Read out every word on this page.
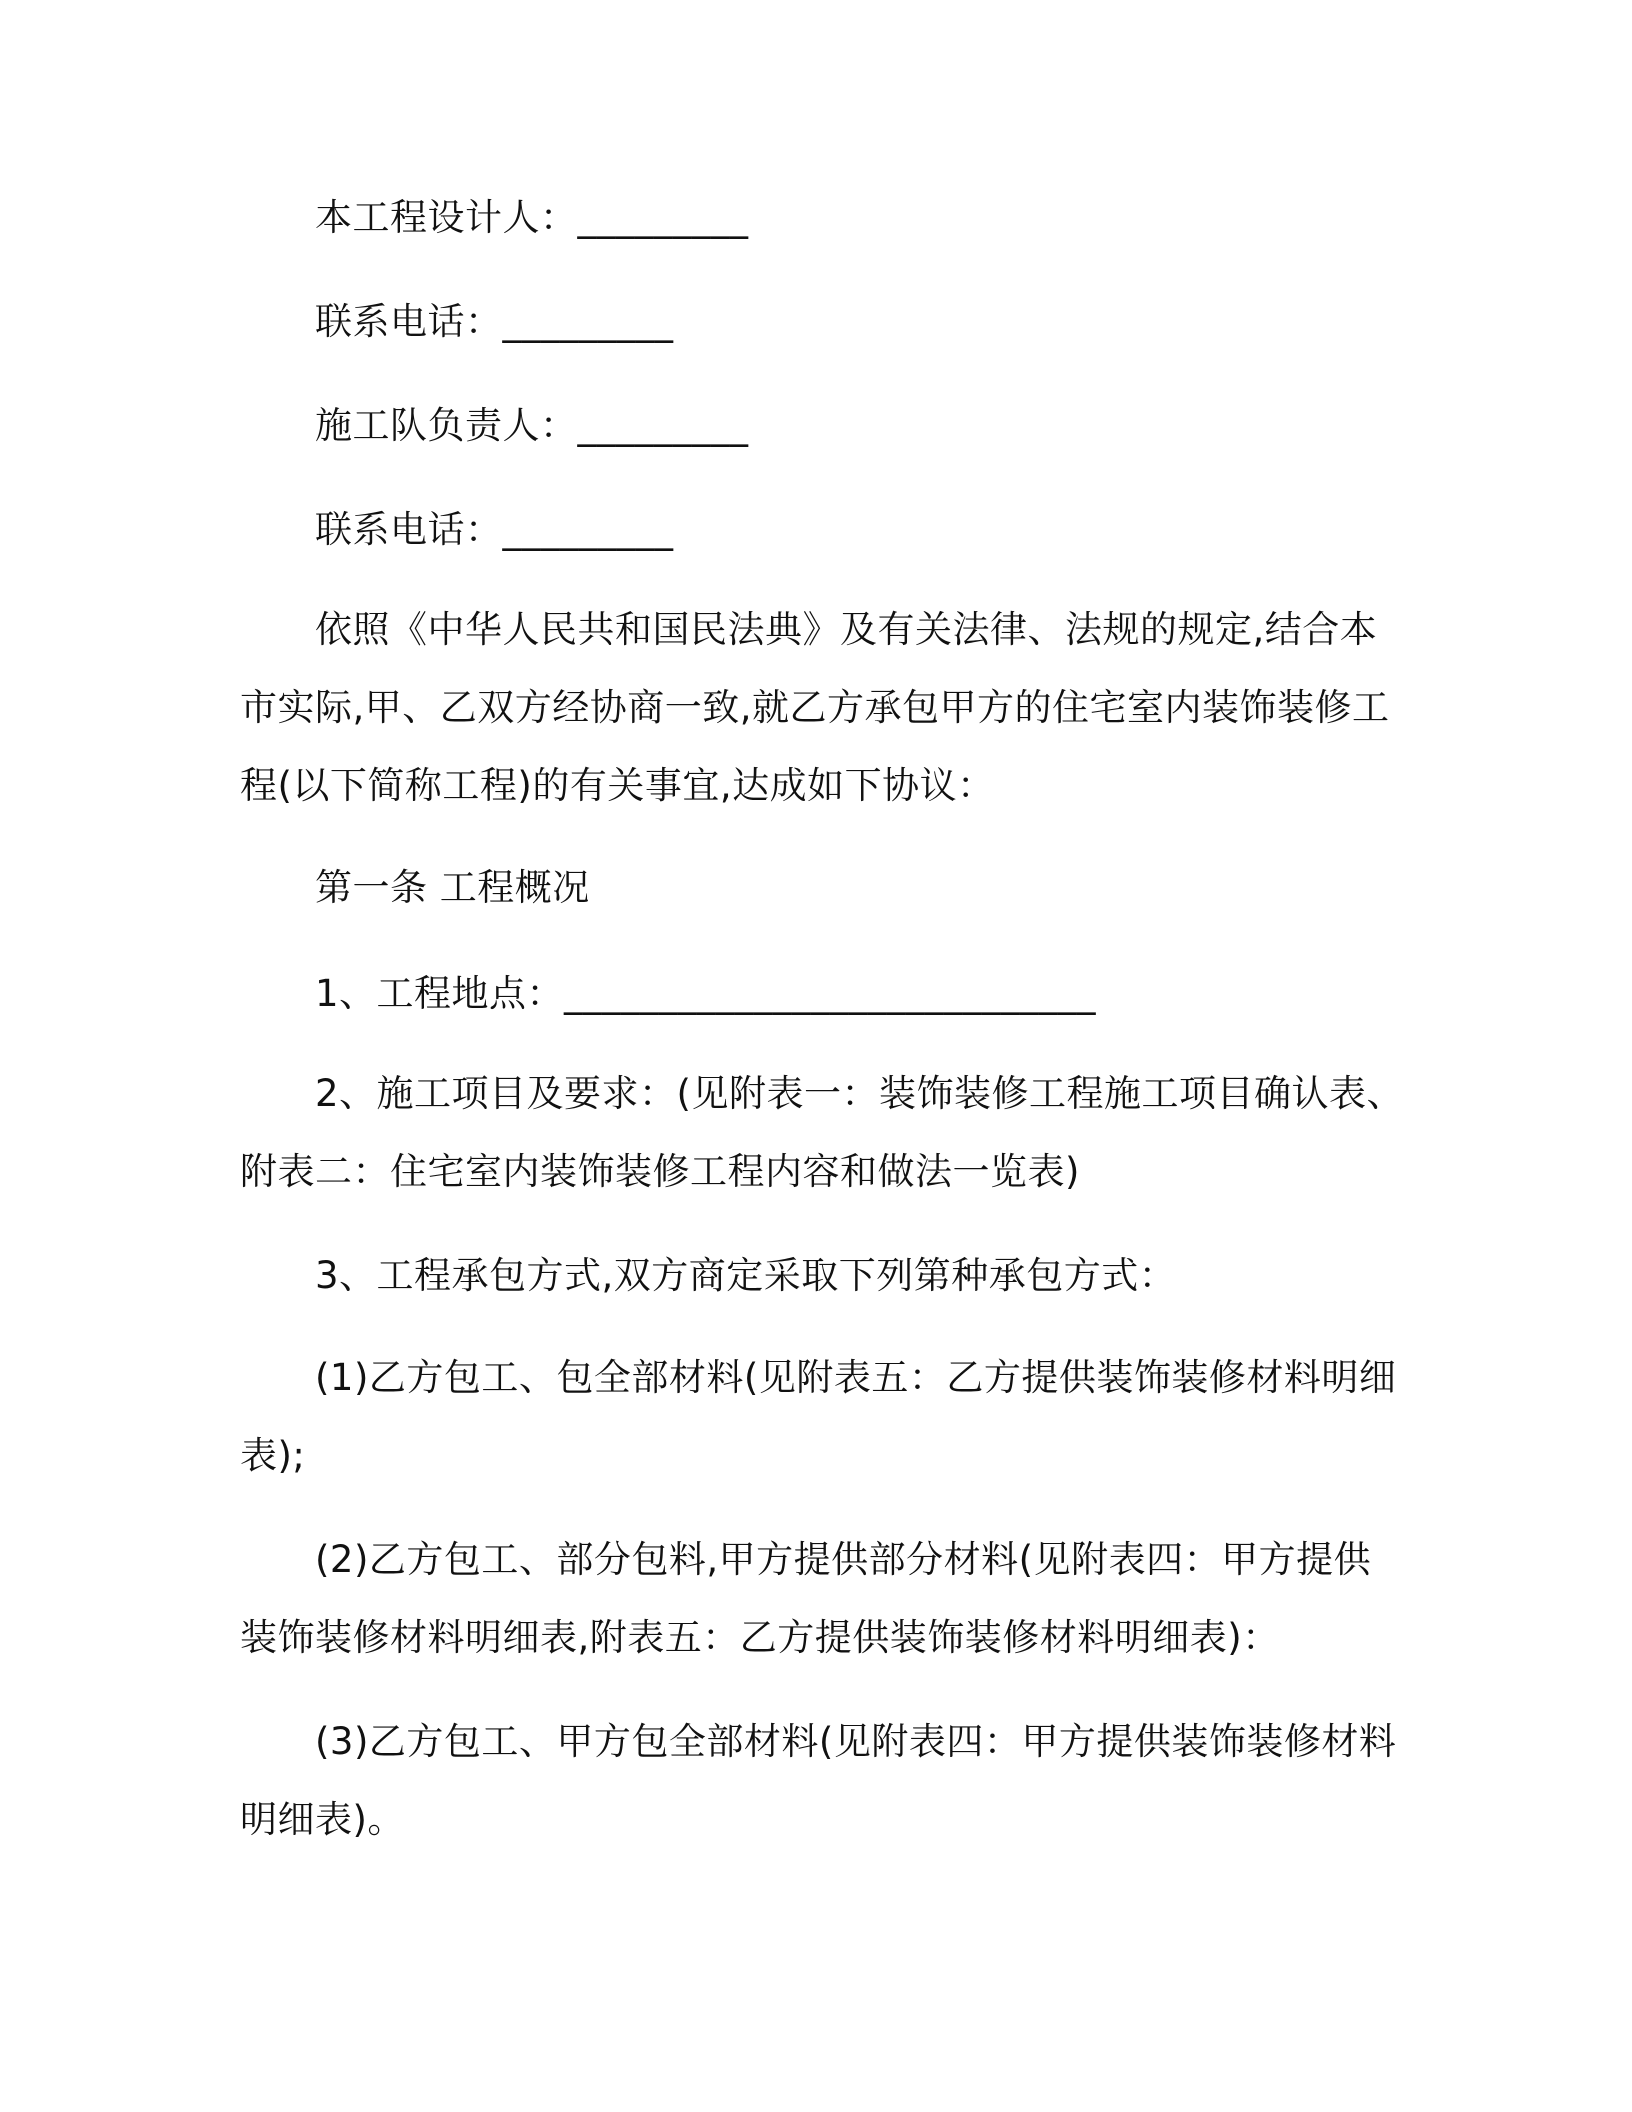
本工程设计人：_________
联系电话：_________
施工队负责人：_________
联系电话：_________
依照《中华人民共和国民法典》及有关法律、法规的规定,结合本
市实际,甲、乙双方经协商一致,就乙方承包甲方的住宅室内装饰装修工
程(以下简称工程)的有关事宜,达成如下协议：
第一条 工程概况
1、工程地点：____________________________
2、施工项目及要求：(见附表一：装饰装修工程施工项目确认表、
附表二：住宅室内装饰装修工程内容和做法一览表)
3、工程承包方式,双方商定采取下列第种承包方式：
(1)乙方包工、包全部材料(见附表五：乙方提供装饰装修材料明细
表);
(2)乙方包工、部分包料,甲方提供部分材料(见附表四：甲方提供
装饰装修材料明细表,附表五：乙方提供装饰装修材料明细表)：
(3)乙方包工、甲方包全部材料(见附表四：甲方提供装饰装修材料
明细表)。
